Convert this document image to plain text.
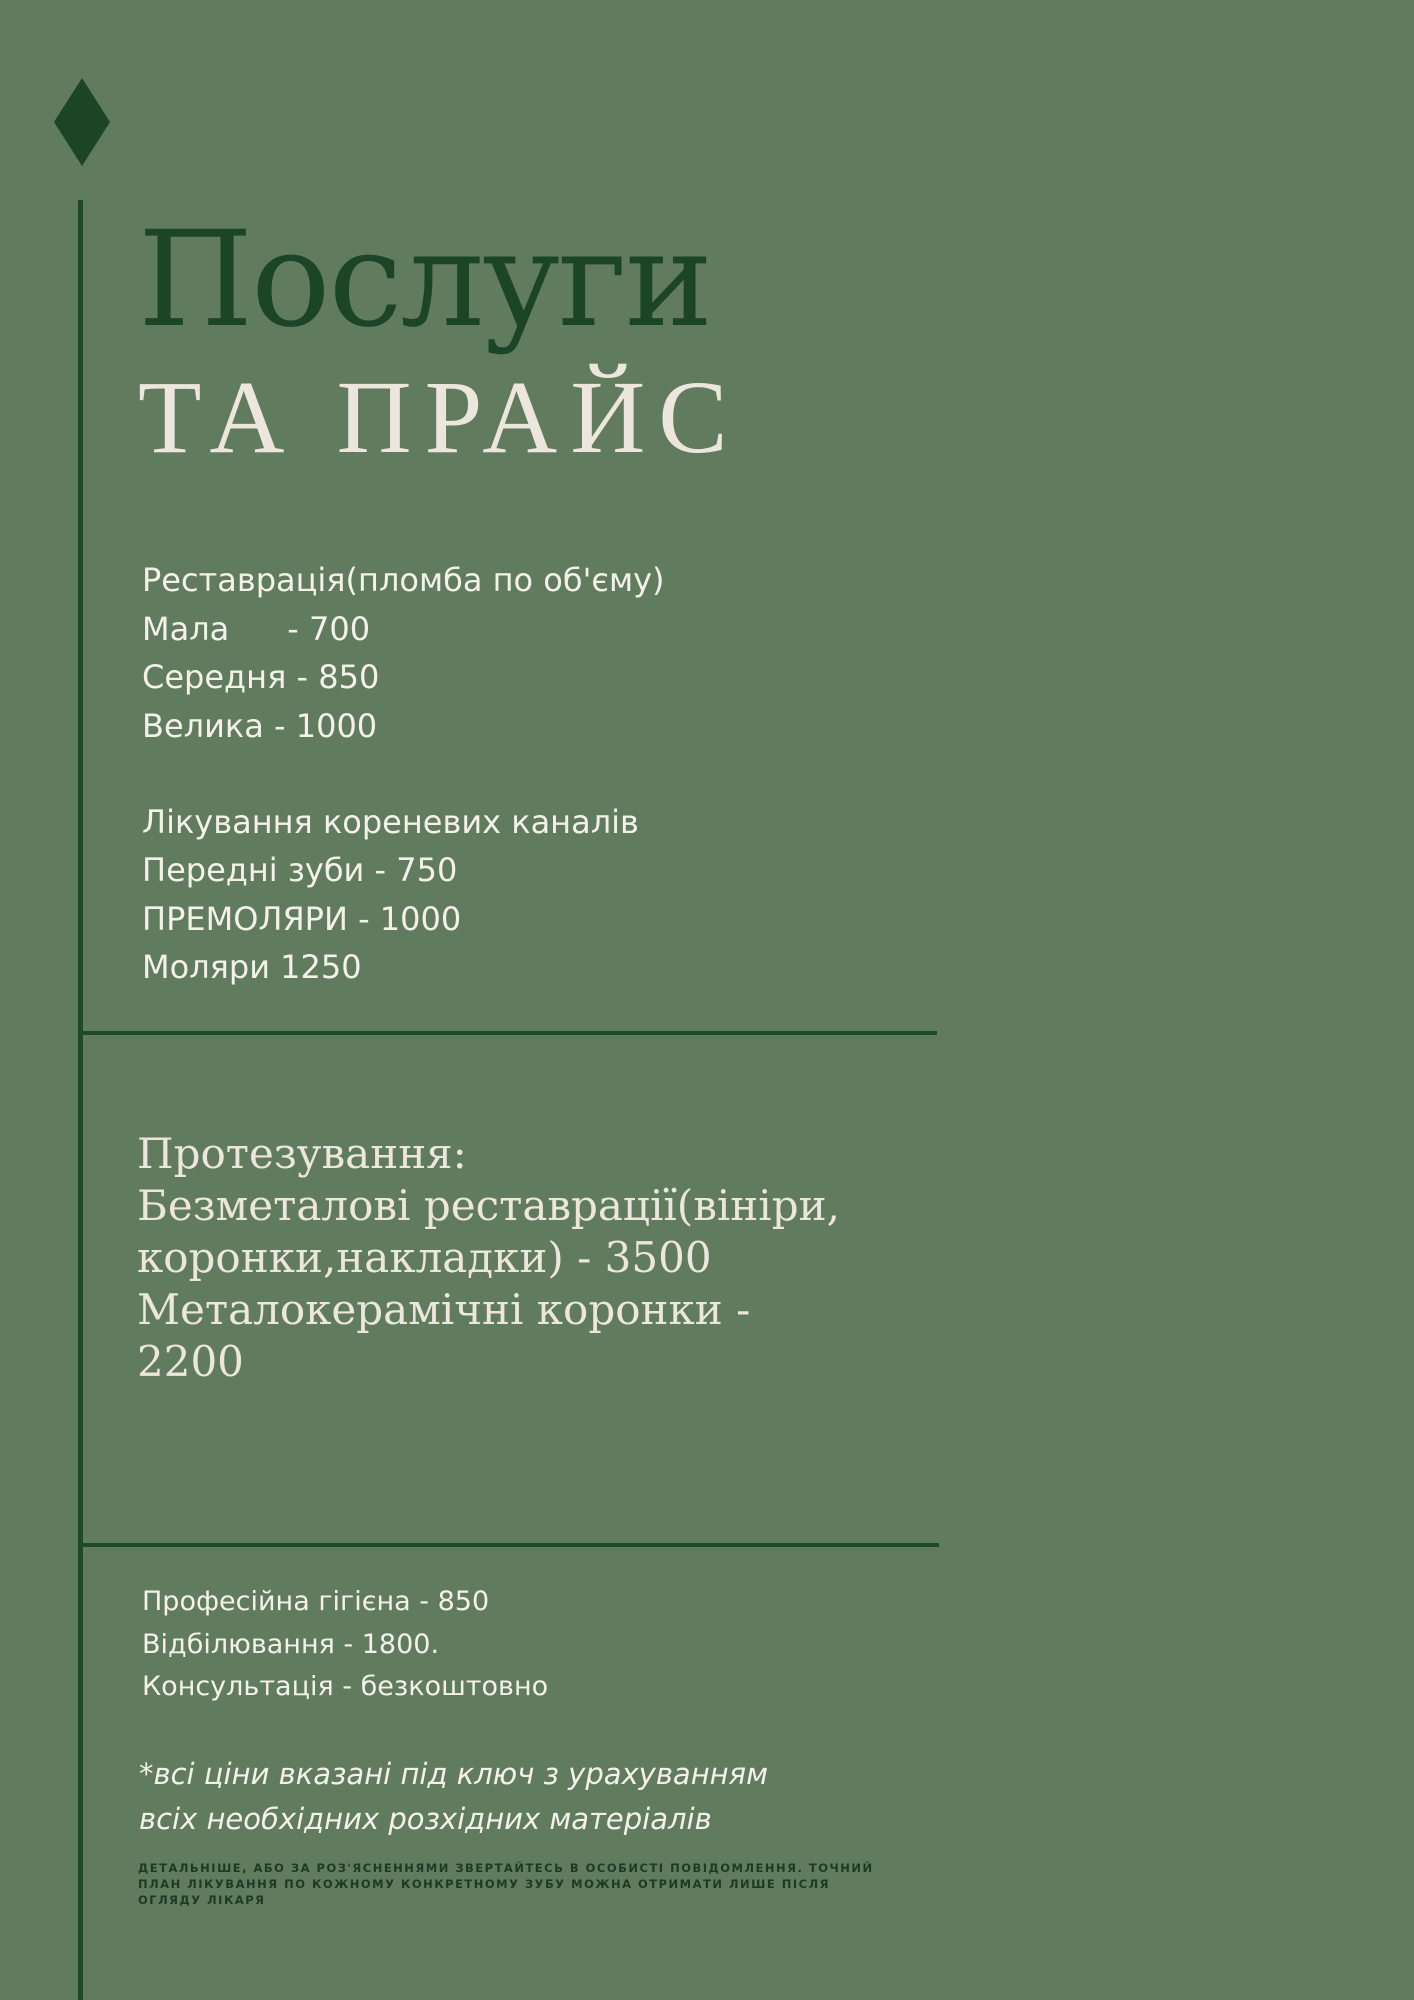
Послуги
ТА ПРАЙС
Реставрація(пломба по об'єму)
Мала - 700
Середня - 850
Велика - 1000
Лікування кореневих каналів
Передні зуби - 750
ПРЕМОЛЯРИ - 1000
Моляри 1250
Протезування:
Безметалові реставрації(вініри,
коронки,накладки) - 3500
Металокерамічні коронки -
2200
Професійна гігієна - 850
Відбілювання - 1800.
Консультація - безкоштовно
*всі ціни вказані під ключ з урахуванням
всіх необхідних розхідних матеріалів
ДЕТАЛЬНІШЕ, АБО ЗА РОЗ'ЯСНЕННЯМИ ЗВЕРТАЙТЕСЬ В ОСОБИСТІ ПОВІДОМЛЕННЯ. ТОЧНИЙ ПЛАН ЛІКУВАННЯ ПО КОЖНОМУ КОНКРЕТНОМУ ЗУБУ МОЖНА ОТРИМАТИ ЛИШЕ ПІСЛЯ ОГЛЯДУ ЛІКАРЯ
